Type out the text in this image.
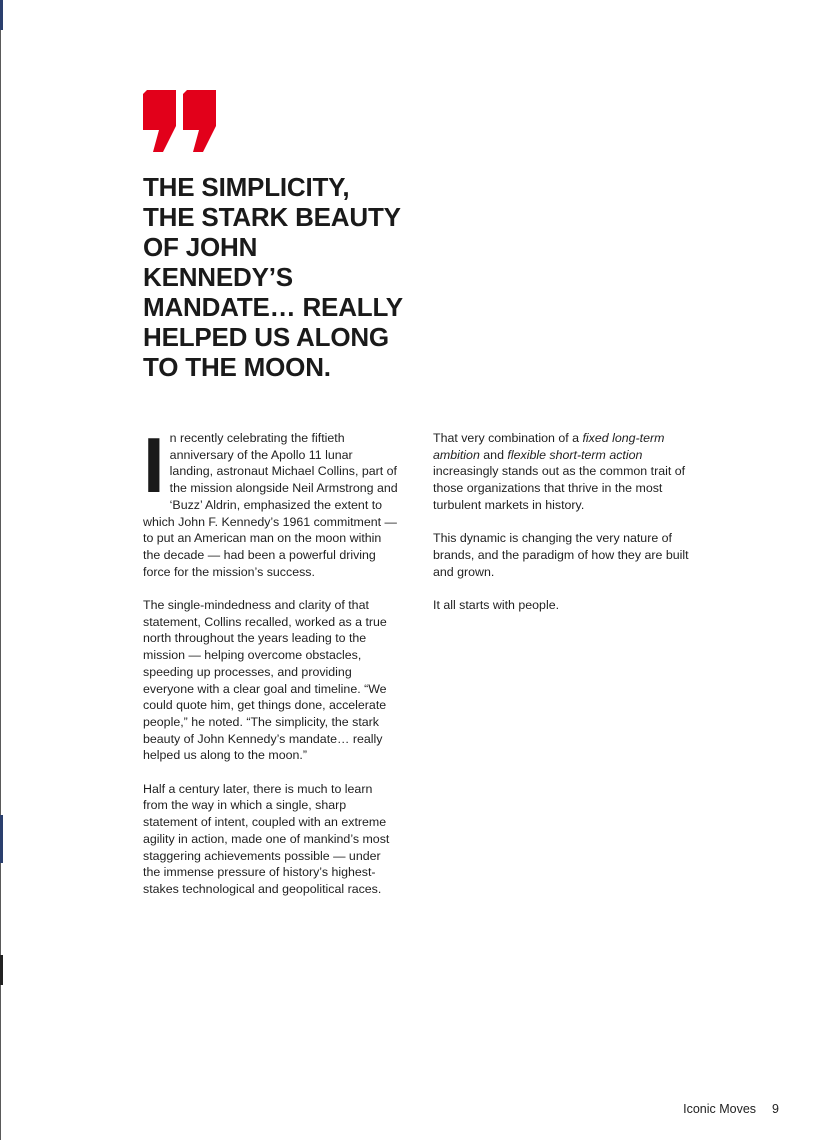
THE SIMPLICITY, THE STARK BEAUTY OF JOHN KENNEDY’S MANDATE… REALLY HELPED US ALONG TO THE MOON.

In recently celebrating the fiftieth anniversary of the Apollo 11 lunar landing, astronaut Michael Collins, part of the mission alongside Neil Armstrong and ‘Buzz’ Aldrin, emphasized the extent to which John F. Kennedy’s 1961 commitment — to put an American man on the moon within the decade — had been a powerful driving force for the mission’s success.

The single-mindedness and clarity of that statement, Collins recalled, worked as a true north throughout the years leading to the mission — helping overcome obstacles, speeding up processes, and providing everyone with a clear goal and timeline. “We could quote him, get things done, accelerate people,” he noted. “The simplicity, the stark beauty of John Kennedy’s mandate… really helped us along to the moon.”

Half a century later, there is much to learn from the way in which a single, sharp statement of intent, coupled with an extreme agility in action, made one of mankind’s most staggering achievements possible — under the immense pressure of history’s highest-stakes technological and geopolitical races.

That very combination of a fixed long-term ambition and flexible short-term action increasingly stands out as the common trait of those organizations that thrive in the most turbulent markets in history.

This dynamic is changing the very nature of brands, and the paradigm of how they are built and grown.

It all starts with people.

Iconic Moves 9
